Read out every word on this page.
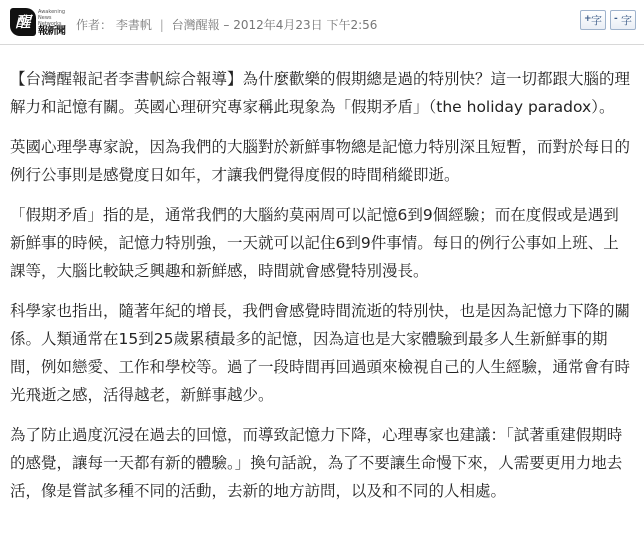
醒
Awakening News Networks
報新聞 作者： 李書帆 | 台灣醒報 – 2012年4月23日 下午2:56	+ 字 - 字

【台灣醒報記者李書帆綜合報導】為什麼歡樂的假期總是過的特別快？這一切都跟大腦的理解力和記憶有關。英國心理研究專家稱此現象為「假期矛盾」（the holiday paradox）。

英國心理學專家說，因為我們的大腦對於新鮮事物總是記憶力特別深且短暫，而對於每日的例行公事則是感覺度日如年，才讓我們覺得度假的時間稍縱即逝。

「假期矛盾」指的是，通常我們的大腦約莫兩周可以記憶6到9個經驗；而在度假或是遇到新鮮事的時候，記憶力特別強，一天就可以記住6到9件事情。每日的例行公事如上班、上課等，大腦比較缺乏興趣和新鮮感，時間就會感覺特別漫長。

科學家也指出，隨著年紀的增長，我們會感覺時間流逝的特別快，也是因為記憶力下降的關係。人類通常在15到25歲累積最多的記憶，因為這也是大家體驗到最多人生新鮮事的期間，例如戀愛、工作和學校等。過了一段時間再回過頭來檢視自己的人生經驗，通常會有時光飛逝之感，活得越老，新鮮事越少。

為了防止過度沉浸在過去的回憶，而導致記憶力下降，心理專家也建議：「試著重建假期時的感覺，讓每一天都有新的體驗。」換句話說，為了不要讓生命慢下來，人需要更用力地去活，像是嘗試多種不同的活動，去新的地方訪問，以及和不同的人相處。
